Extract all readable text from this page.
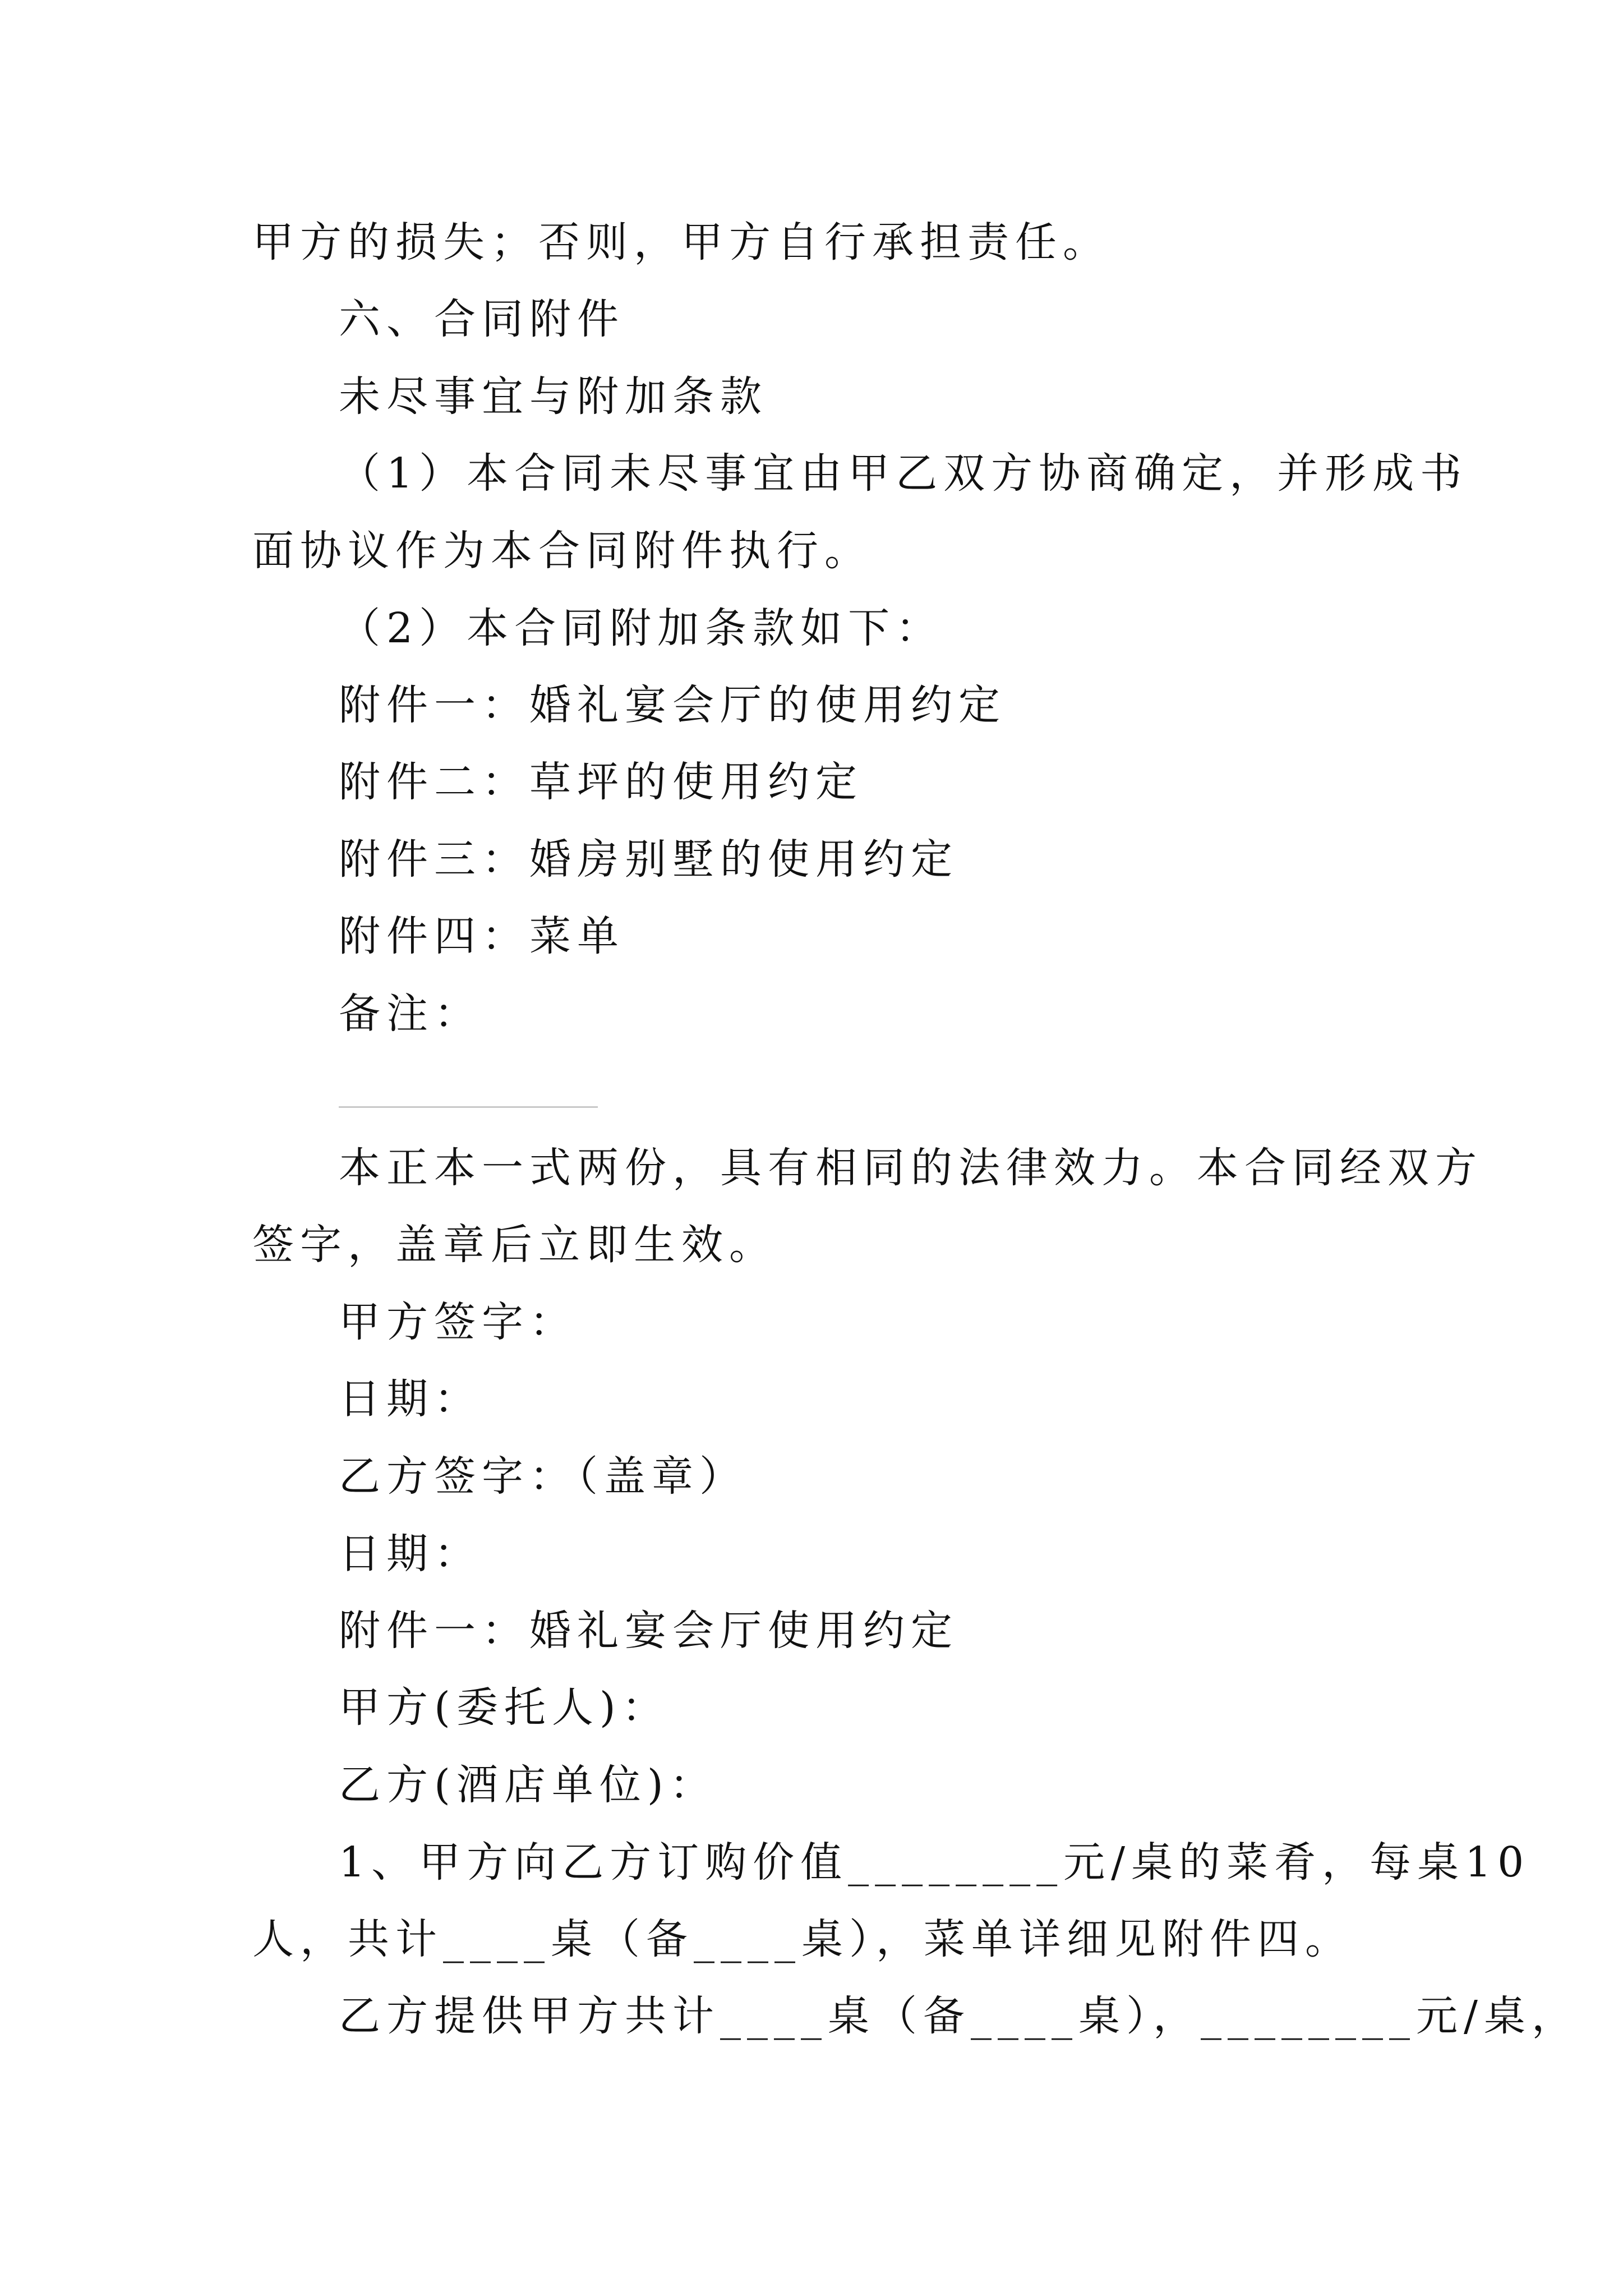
甲方的损失；否则，甲方自行承担责任。
六、合同附件
未尽事宜与附加条款
（1）本合同未尽事宜由甲乙双方协商确定，并形成书
面协议作为本合同附件执行。
（2）本合同附加条款如下：
附件一：婚礼宴会厅的使用约定
附件二：草坪的使用约定
附件三：婚房别墅的使用约定
附件四：菜单
备注：
本正本一式两份，具有相同的法律效力。本合同经双方
签字，盖章后立即生效。
甲方签字：
日期：
乙方签字：（盖章）
日期：
附件一：婚礼宴会厅使用约定
甲方(委托人)：
乙方(酒店单位)：
1、甲方向乙方订购价值________元/桌的菜肴，每桌10
人，共计____桌（备____桌），菜单详细见附件四。
乙方提供甲方共计____桌（备____桌），________元/桌，
